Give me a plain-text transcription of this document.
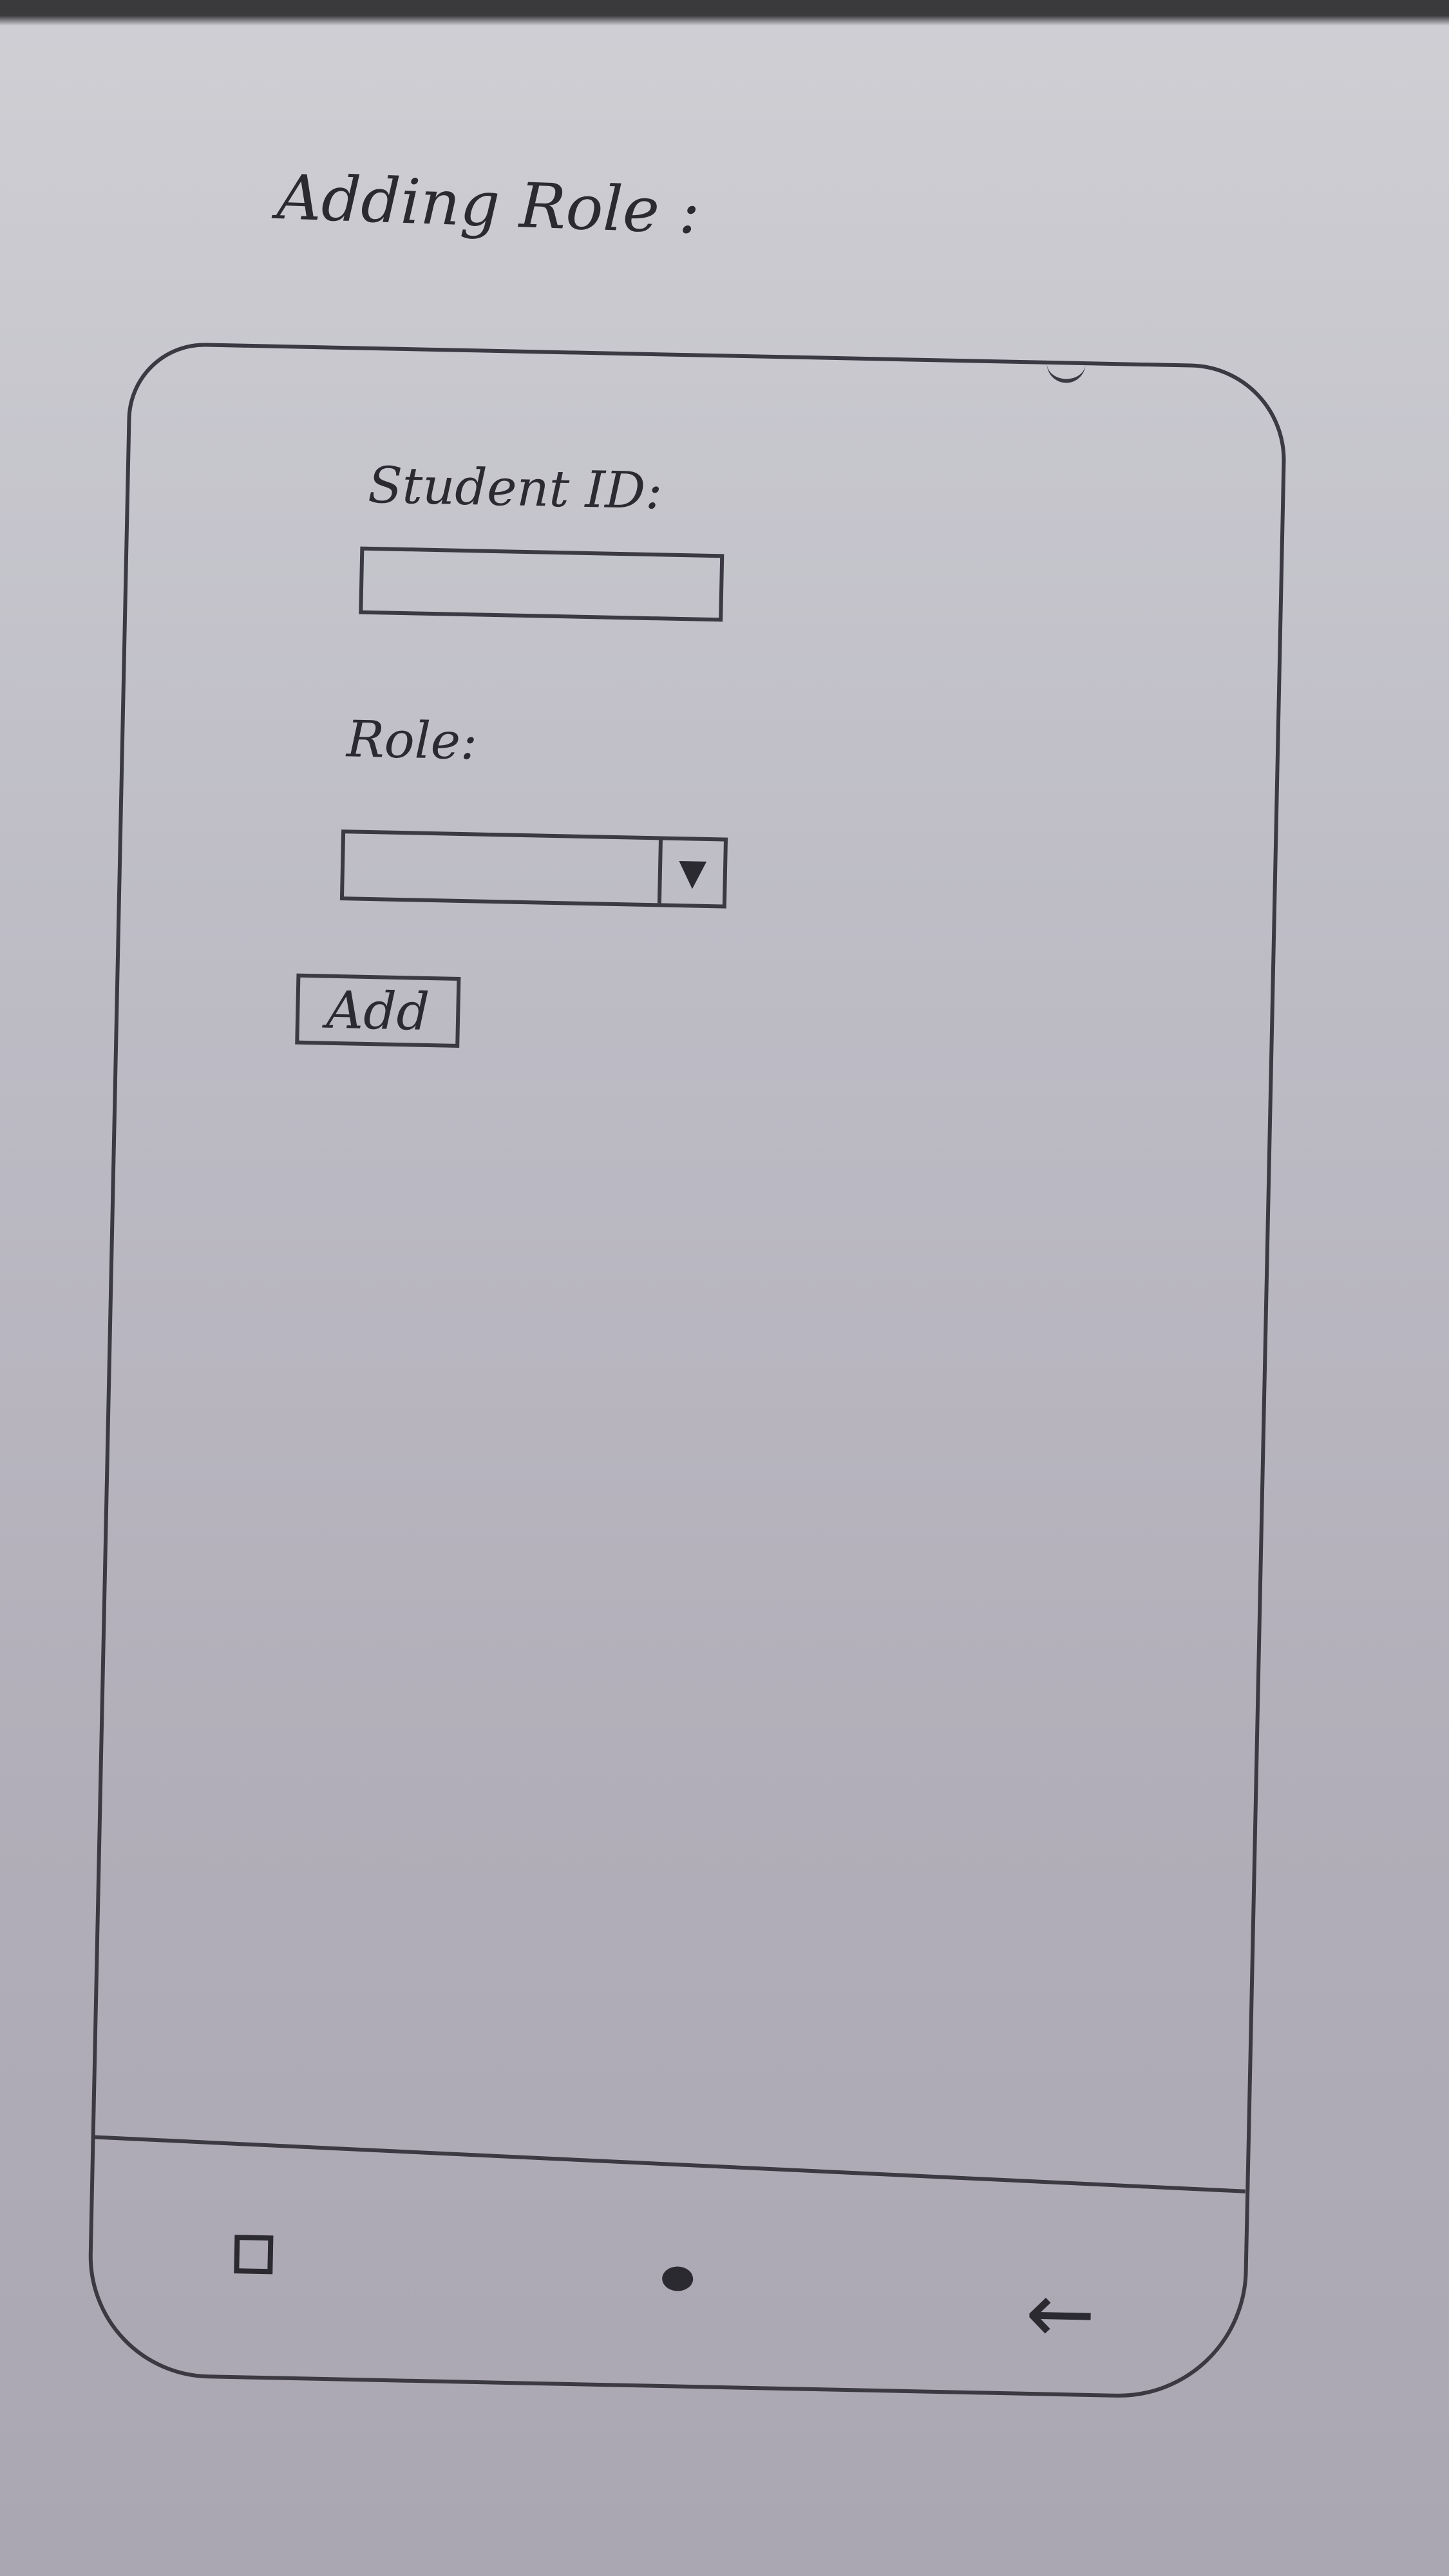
Adding Role :
Student ID:
Role:
▼
Add
←
